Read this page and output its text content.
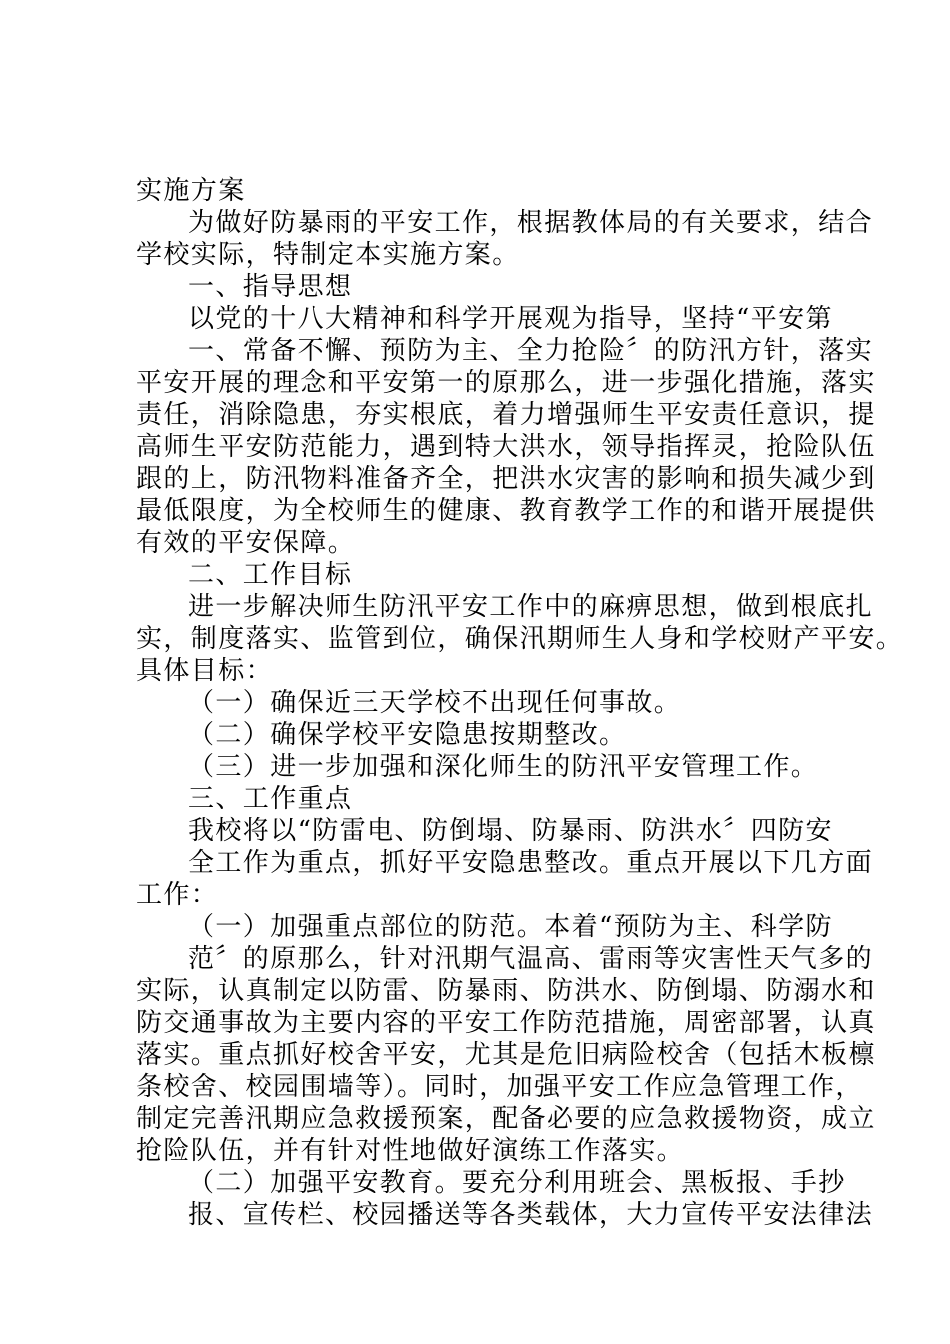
实施方案
为做好防暴雨的平安工作，根据教体局的有关要求，结合
学校实际，特制定本实施方案。
一、指导思想
以党的十八大精神和科学开展观为指导，坚持“平安第
一、常备不懈、预防为主、全力抢险〞的防汛方针，落实
平安开展的理念和平安第一的原那么，进一步强化措施，落实
责任，消除隐患，夯实根底，着力增强师生平安责任意识，提
高师生平安防范能力，遇到特大洪水，领导指挥灵，抢险队伍
跟的上，防汛物料准备齐全，把洪水灾害的影响和损失减少到
最低限度，为全校师生的健康、教育教学工作的和谐开展提供
有效的平安保障。
二、工作目标
进一步解决师生防汛平安工作中的麻痹思想，做到根底扎
实，制度落实、监管到位，确保汛期师生人身和学校财产平安。
具体目标：
（一）确保近三天学校不出现任何事故。
（二）确保学校平安隐患按期整改。
（三）进一步加强和深化师生的防汛平安管理工作。
三、工作重点
我校将以“防雷电、防倒塌、防暴雨、防洪水〞四防安
全工作为重点，抓好平安隐患整改。重点开展以下几方面
工作：
（一）加强重点部位的防范。本着“预防为主、科学防
范〞的原那么，针对汛期气温高、雷雨等灾害性天气多的
实际，认真制定以防雷、防暴雨、防洪水、防倒塌、防溺水和
防交通事故为主要内容的平安工作防范措施，周密部署，认真
落实。重点抓好校舍平安，尤其是危旧病险校舍（包括木板檩
条校舍、校园围墙等）。同时，加强平安工作应急管理工作，
制定完善汛期应急救援预案，配备必要的应急救援物资，成立
抢险队伍，并有针对性地做好演练工作落实。
（二）加强平安教育。要充分利用班会、黑板报、手抄
报、宣传栏、校园播送等各类载体，大力宣传平安法律法
